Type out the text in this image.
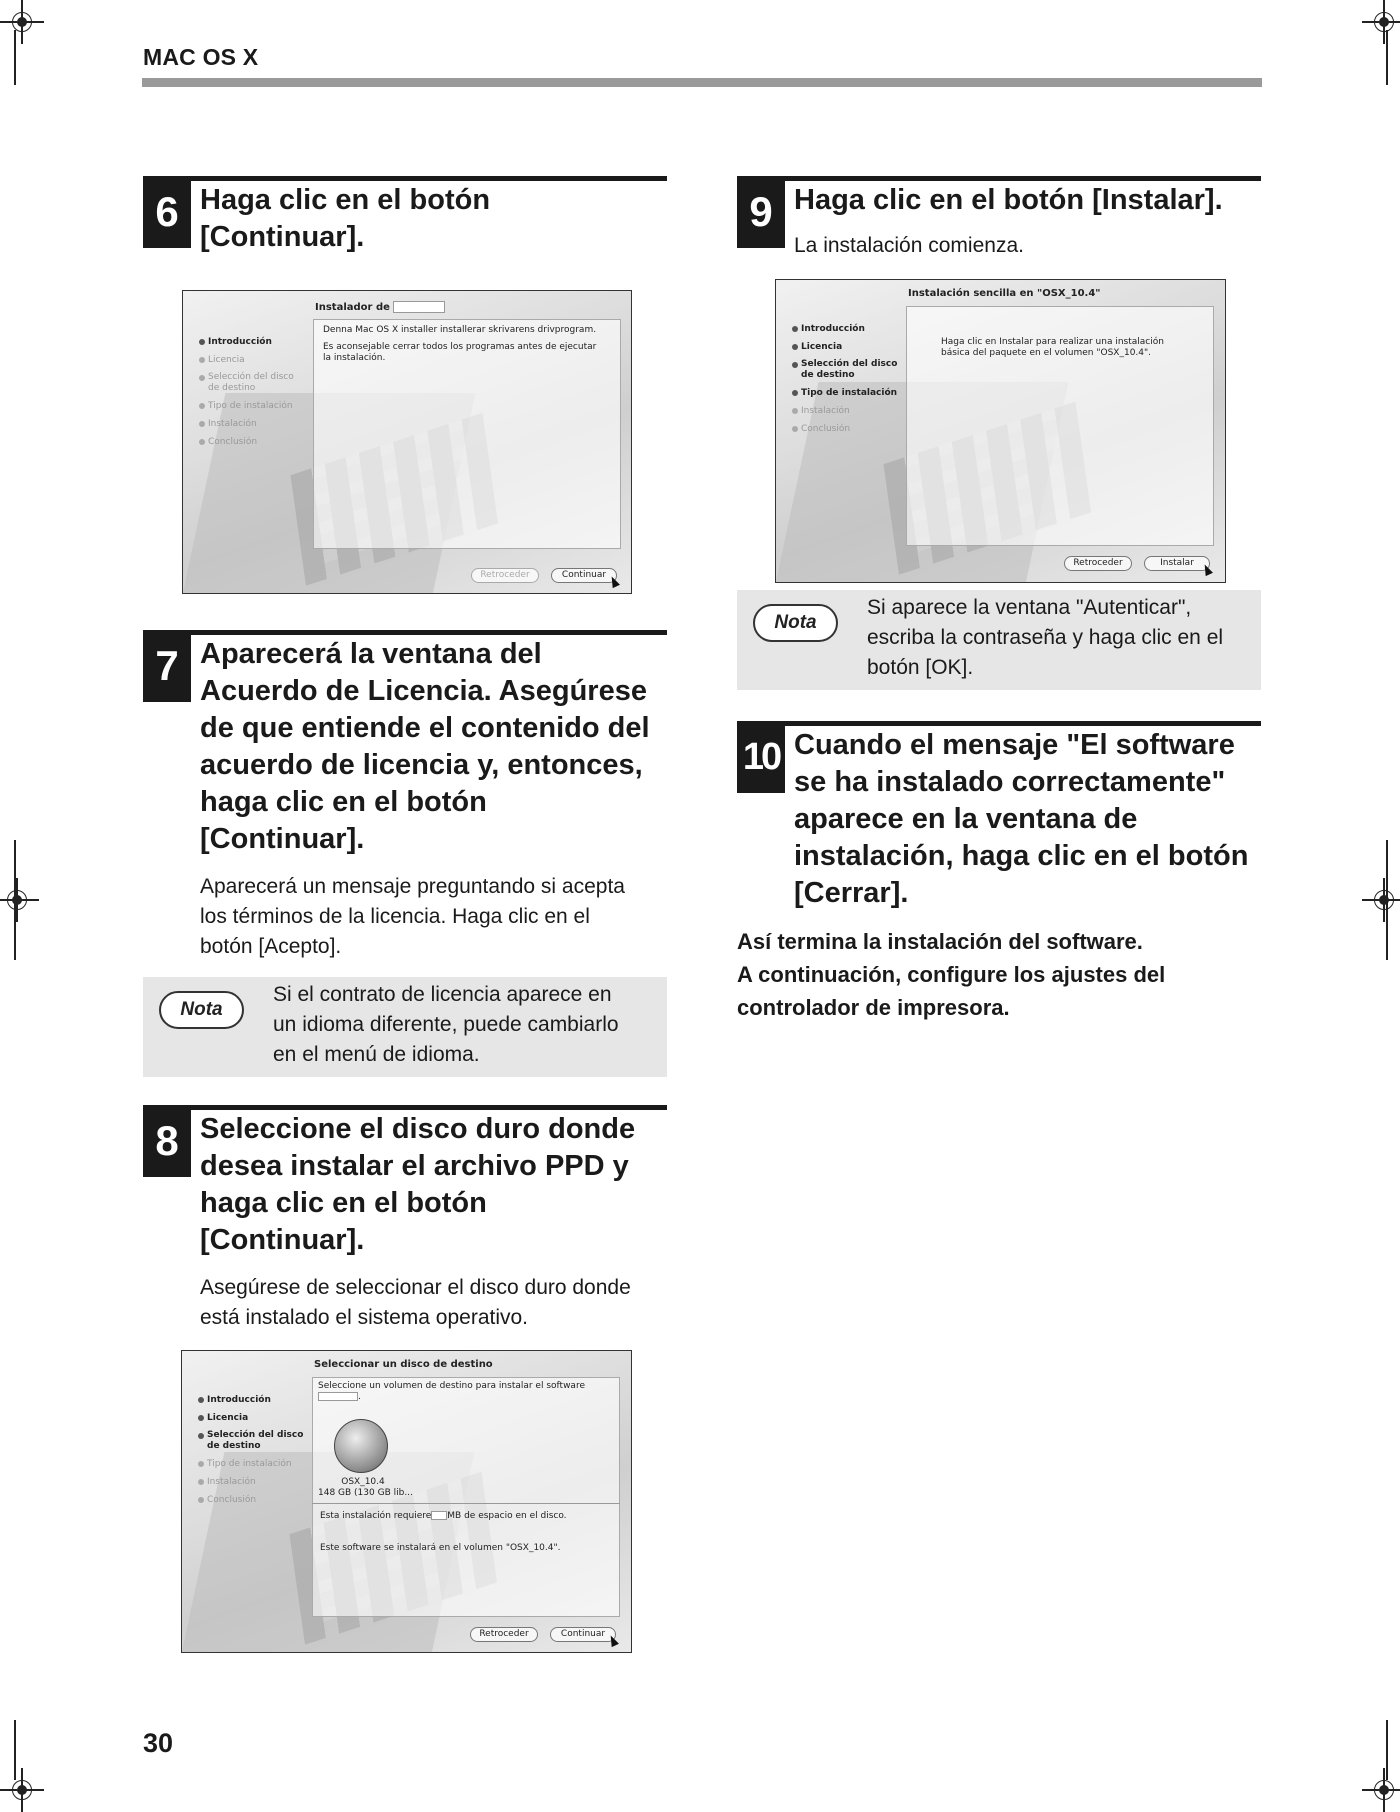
MAC OS X
6 Haga clic en el botón
[Continuar].
Instalador de
Denna Mac OS X installer installerar skrivarens drivprogram.
Es aconsejable cerrar todos los programas antes de ejecutar
la instalación.
Introducción
Licencia
Selección del disco
de destino
Tipo de instalación
Instalación
Conclusión
Retroceder	Continuar
7 Aparecerá la ventana del
Acuerdo de Licencia. Asegúrese
de que entiende el contenido del
acuerdo de licencia y, entonces,
haga clic en el botón
[Continuar].
Aparecerá un mensaje preguntando si acepta
los términos de la licencia. Haga clic en el
botón [Acepto].
Nota
Si el contrato de licencia aparece en
un idioma diferente, puede cambiarlo
en el menú de idioma.
8 Seleccione el disco duro donde
desea instalar el archivo PPD y
haga clic en el botón
[Continuar].
Asegúrese de seleccionar el disco duro donde
está instalado el sistema operativo.
Seleccionar un disco de destino
Seleccione un volumen de destino para instalar el software
.
OSX_10.4
148 GB (130 GB lib...
Esta instalación requiere MB de espacio en el disco.
Este software se instalará en el volumen "OSX_10.4".
Introducción
Licencia
Selección del disco
de destino
Tipo de instalación
Instalación
Conclusión
Retroceder	Continuar
9 Haga clic en el botón [Instalar].
La instalación comienza.
Instalación sencilla en "OSX_10.4"
Haga clic en Instalar para realizar una instalación
básica del paquete en el volumen "OSX_10.4".
Introducción
Licencia
Selección del disco
de destino
Tipo de instalación
Instalación
Conclusión
Retroceder	Instalar
Nota
Si aparece la ventana "Autenticar",
escriba la contraseña y haga clic en el
botón [OK].
10 Cuando el mensaje "El software
se ha instalado correctamente"
aparece en la ventana de
instalación, haga clic en el botón
[Cerrar].
Así termina la instalación del software.
A continuación, configure los ajustes del
controlador de impresora.
30
